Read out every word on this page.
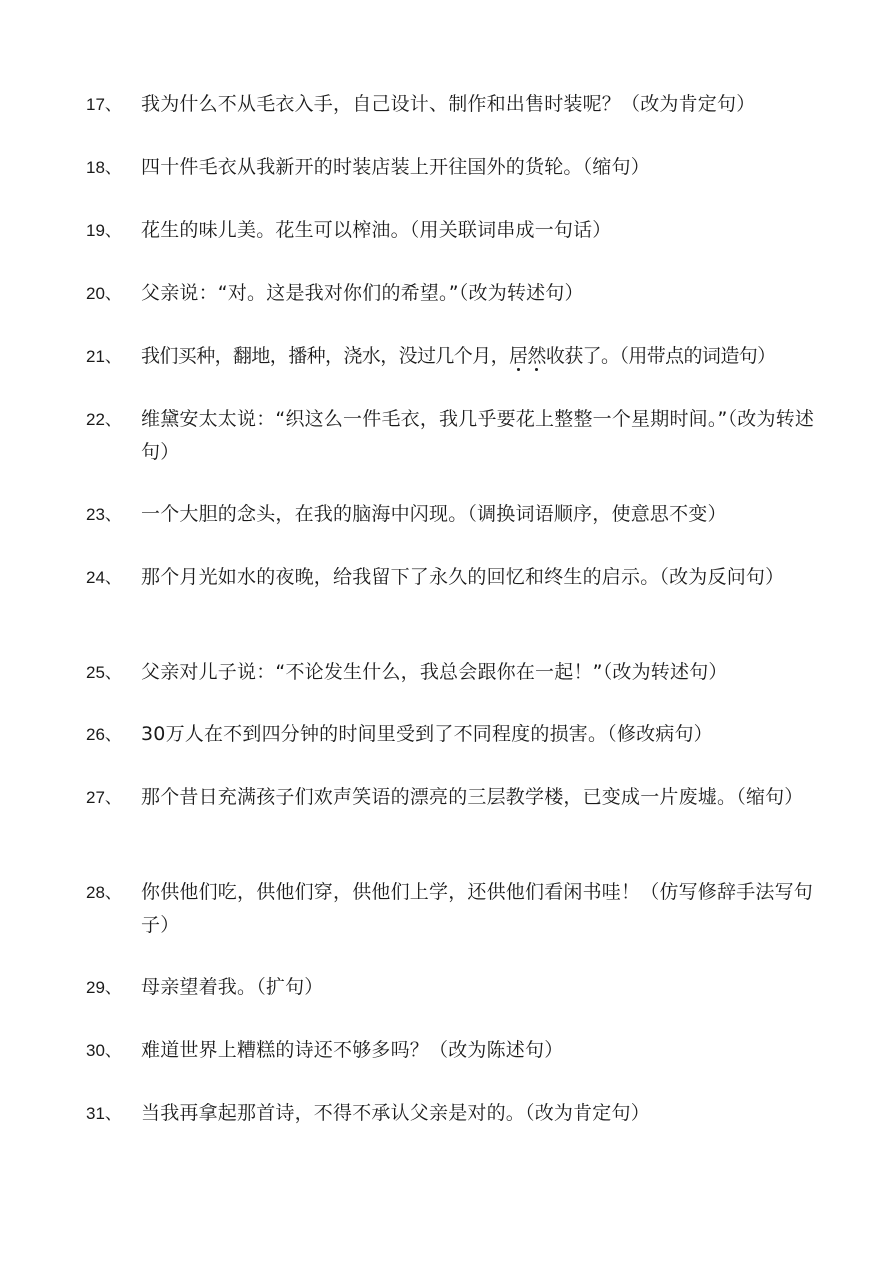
17、	我为什么不从毛衣入手，自己设计、制作和出售时装呢？（改为肯定句）
18、	四十件毛衣从我新开的时装店装上开往国外的货轮。（缩句）
19、	花生的味儿美。花生可以榨油。（用关联词串成一句话）
20、	父亲说：“对。这是我对你们的希望。”（改为转述句）
21、	我们买种，翻地，播种，浇水，没过几个月，居然收获了。（用带点的词造句）
22、	维黛安太太说：“织这么一件毛衣，我几乎要花上整整一个星期时间。”（改为转述句）
23、	一个大胆的念头，在我的脑海中闪现。（调换词语顺序，使意思不变）
24、	那个月光如水的夜晚，给我留下了永久的回忆和终生的启示。（改为反问句）
25、	父亲对儿子说：“不论发生什么，我总会跟你在一起！”（改为转述句）
26、	30万人在不到四分钟的时间里受到了不同程度的损害。（修改病句）
27、	那个昔日充满孩子们欢声笑语的漂亮的三层教学楼，已变成一片废墟。（缩句）
28、	你供他们吃，供他们穿，供他们上学，还供他们看闲书哇！（仿写修辞手法写句子）
29、	母亲望着我。（扩句）
30、	难道世界上糟糕的诗还不够多吗？（改为陈述句）
31、	当我再拿起那首诗，不得不承认父亲是对的。（改为肯定句）
